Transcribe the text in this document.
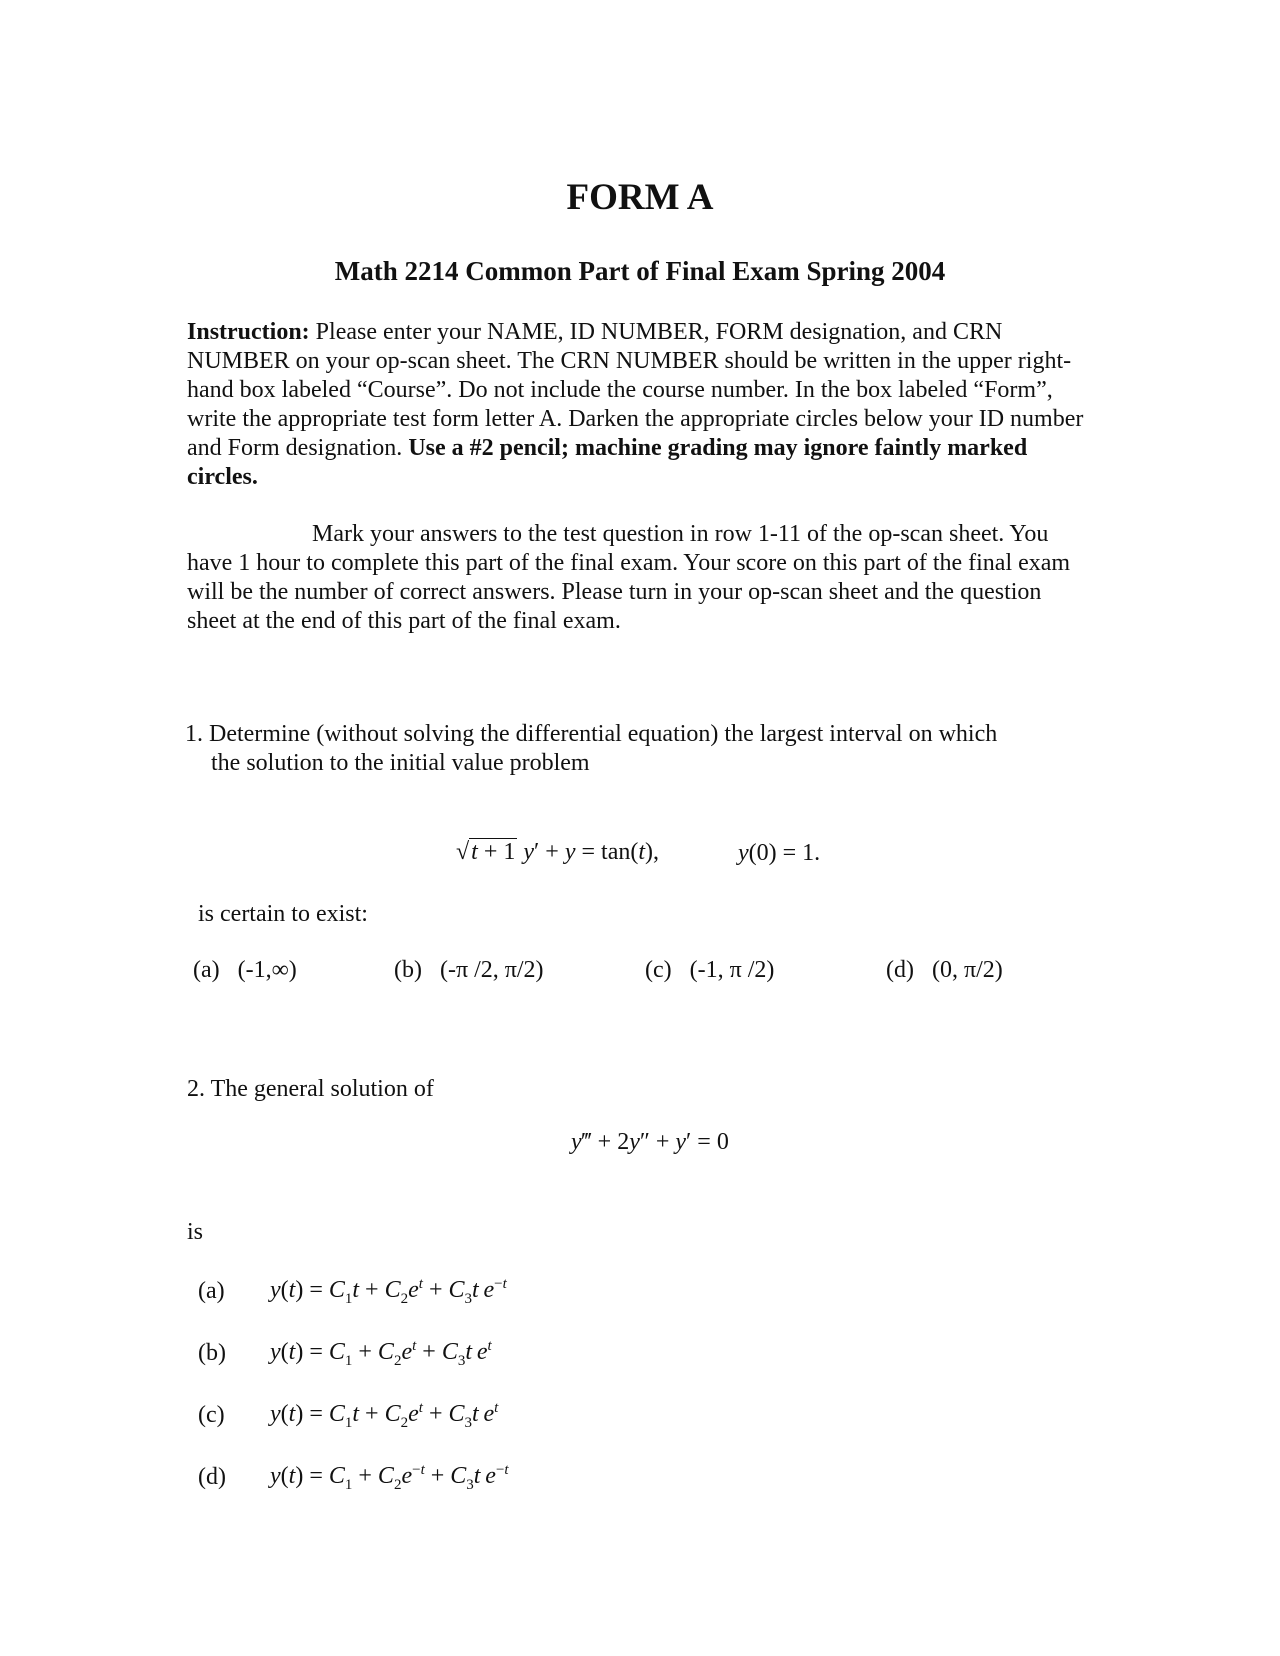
FORM A
Math 2214 Common Part of Final Exam Spring 2004
Instruction: Please enter your NAME, ID NUMBER, FORM designation, and CRN NUMBER on your op-scan sheet. The CRN NUMBER should be written in the upper right-hand box labeled “Course”. Do not include the course number. In the box labeled “Form”, write the appropriate test form letter A. Darken the appropriate circles below your ID number and Form designation. Use a #2 pencil; machine grading may ignore faintly marked circles.
Mark your answers to the test question in row 1-11 of the op-scan sheet. You have 1 hour to complete this part of the final exam. Your score on this part of the final exam will be the number of correct answers. Please turn in your op-scan sheet and the question sheet at the end of this part of the final exam.
1. Determine (without solving the differential equation) the largest interval on which
the solution to the initial value problem
√t + 1 y′ + y = tan(t),	y(0) = 1.
is certain to exist:
(a) (-1,∞)	(b) (-π /2, π/2)	(c) (-1, π /2)	(d) (0, π/2)
2. The general solution of
y‴ + 2y″ + y′ = 0
is
(a) $y(t) = C_1t + C_2e^t + C_3t$  $e^{-t}$
(b) $y(t) = C_1 + C_2e^t + C_3t$  $e^t$
(c) $y(t) = C_1t + C_2e^t + C_3t$  $e^t$
(d) $y(t) = C_1 + C_2e^{-t} + C_3t$  $e^{-t}$
